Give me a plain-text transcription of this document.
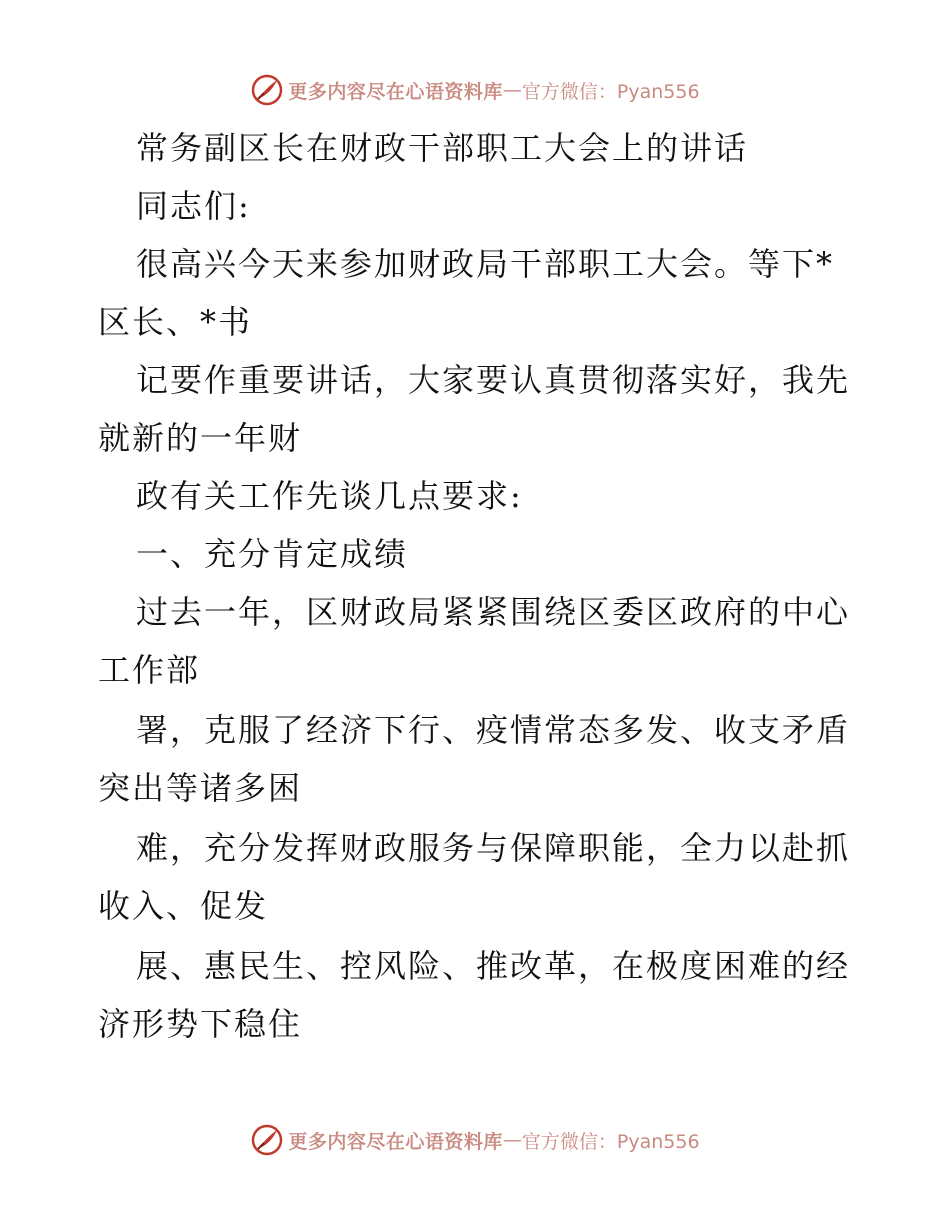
更多内容尽在心语资料库 — 官方微信：Pyan556
常务副区长在财政干部职工大会上的讲话
同志们:
很高兴今天来参加财政局干部职工大会。等下*
区长、*书
记要作重要讲话，大家要认真贯彻落实好，我先
就新的一年财
政有关工作先谈几点要求:
一、充分肯定成绩
过去一年，区财政局紧紧围绕区委区政府的中心
工作部
署，克服了经济下行、疫情常态多发、收支矛盾
突出等诸多困
难，充分发挥财政服务与保障职能，全力以赴抓
收入、促发
展、惠民生、控风险、推改革，在极度困难的经
济形势下稳住
更多内容尽在心语资料库 — 官方微信：Pyan556
